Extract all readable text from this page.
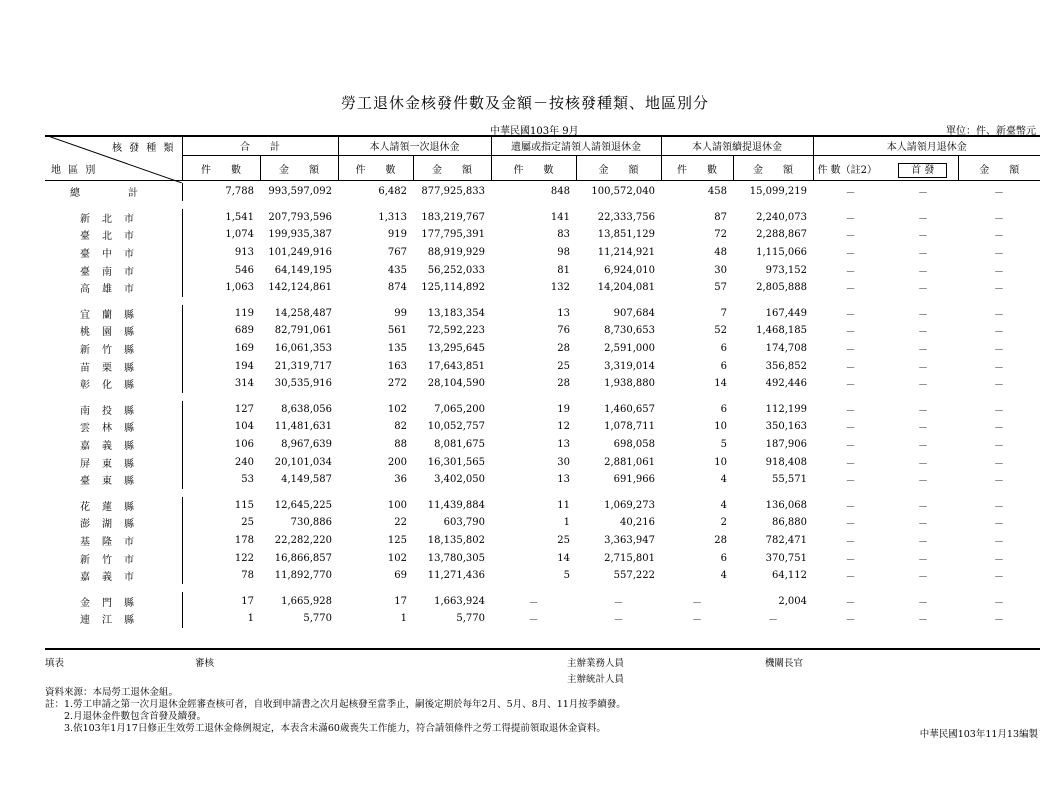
勞工退休金核發件數及金額－按核發種類、地區別分
中華民國103年 9月	單位：件、新臺幣元
核 發 種 類
地 區 別	合　　計		本人請領一次退休金		遺屬或指定請領人請領退休金		本人請領續提退休金		本人請領月退休金		
	件　　數	金　　額	件　　數	金　　額	件　　數	金　　額	件　　數	金　　額	件 數（註2）	首 發	金　　額
總計	7,788	993,597,092	6,482	877,925,833	848	100,572,040	458	15,099,219	－	－	－	

新北市	1,541	207,793,596	1,313	183,219,767	141	22,333,756	87	2,240,073	－	－	－	
臺北市	1,074	199,935,387	919	177,795,391	83	13,851,129	72	2,288,867	－	－	－	
臺中市	913	101,249,916	767	88,919,929	98	11,214,921	48	1,115,066	－	－	－	
臺南市	546	64,149,195	435	56,252,033	81	6,924,010	30	973,152	－	－	－	
高雄市	1,063	142,124,861	874	125,114,892	132	14,204,081	57	2,805,888	－	－	－	

宜蘭縣	119	14,258,487	99	13,183,354	13	907,684	7	167,449	－	－	－	
桃園縣	689	82,791,061	561	72,592,223	76	8,730,653	52	1,468,185	－	－	－	
新竹縣	169	16,061,353	135	13,295,645	28	2,591,000	6	174,708	－	－	－	
苗栗縣	194	21,319,717	163	17,643,851	25	3,319,014	6	356,852	－	－	－	
彰化縣	314	30,535,916	272	28,104,590	28	1,938,880	14	492,446	－	－	－	

南投縣	127	8,638,056	102	7,065,200	19	1,460,657	6	112,199	－	－	－	
雲林縣	104	11,481,631	82	10,052,757	12	1,078,711	10	350,163	－	－	－	
嘉義縣	106	8,967,639	88	8,081,675	13	698,058	5	187,906	－	－	－	
屏東縣	240	20,101,034	200	16,301,565	30	2,881,061	10	918,408	－	－	－	
臺東縣	53	4,149,587	36	3,402,050	13	691,966	4	55,571	－	－	－	

花蓮縣	115	12,645,225	100	11,439,884	11	1,069,273	4	136,068	－	－	－	
澎湖縣	25	730,886	22	603,790	1	40,216	2	86,880	－	－	－	
基隆市	178	22,282,220	125	18,135,802	25	3,363,947	28	782,471	－	－	－	
新竹市	122	16,866,857	102	13,780,305	14	2,715,801	6	370,751	－	－	－	
嘉義市	78	11,892,770	69	11,271,436	5	557,222	4	64,112	－	－	－	

金門縣	17	1,665,928	17	1,663,924	－	－	－	2,004	－	－	－	
連江縣	1	5,770	1	5,770	－	－	－	－	－	－	－	
填表	審核	主辦業務人員
主辦統計人員
機關長官
資料來源：本局勞工退休金組。
註：1.勞工申請之第一次月退休金經審查核可者，自收到申請書之次月起核發至當季止，嗣後定期於每年2月、5月、8月、11月按季續發。
　　2.月退休金件數包含首發及續發。
　　3.依103年1月17日修正生效勞工退休金條例規定，本表含未滿60歲喪失工作能力，符合請領條件之勞工得提前領取退休金資料。
中華民國103年11月13編製
